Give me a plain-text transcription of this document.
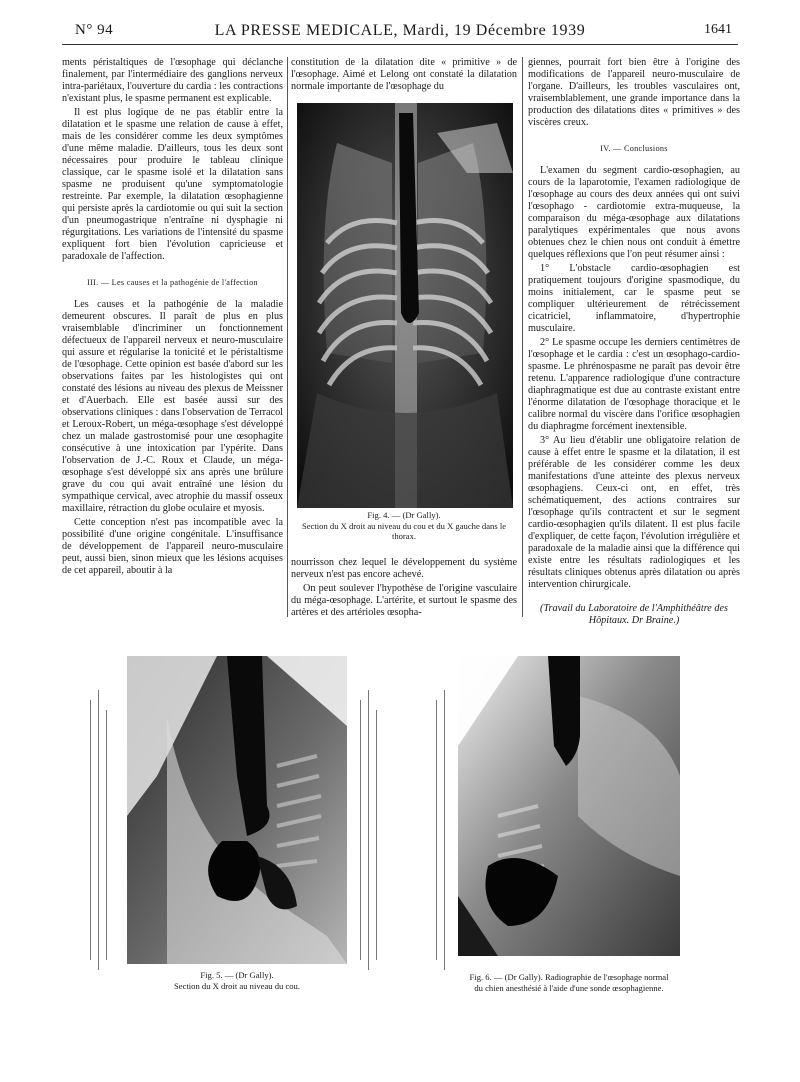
N° 94	LA PRESSE MEDICALE, Mardi, 19 Décembre 1939	1641

ments péristaltiques de l'œsophage qui déclanche finalement, par l'intermédiaire des ganglions nerveux intra-pariétaux, l'ouverture du cardia : les contractions n'existant plus, le spasme permanent est explicable.

Il est plus logique de ne pas établir entre la dilatation et le spasme une relation de cause à effet, mais de les considérer comme les deux symptômes d'une même maladie. D'ailleurs, tous les deux sont nécessaires pour produire le tableau clinique classique, car le spasme isolé et la dilatation sans spasme ne produisent qu'une symptomatologie restreinte. Par exemple, la dilatation œsophagienne qui persiste après la cardiotomie ou qui suit la section d'un pneumogastrique n'entraîne ni dysphagie ni régurgitations. Les variations de l'intensité du spasme expliquent fort bien l'évolution capricieuse et paradoxale de l'affection.

III. — Les causes et la pathogénie de l'affection

Les causes et la pathogénie de la maladie demeurent obscures. Il paraît de plus en plus vraisemblable d'incriminer un fonctionnement défectueux de l'appareil nerveux et neuro-musculaire qui assure et régularise la tonicité et le péristaltisme de l'œsophage. Cette opinion est basée d'abord sur les observations faites par les histologistes qui ont constaté des lésions au niveau des plexus de Meissner et d'Auerbach. Elle est basée aussi sur des observations cliniques : dans l'observation de Terracol et Leroux-Robert, un méga-œsophage s'est développé chez un malade gastrostomisé pour une œsophagite consécutive à une intoxication par l'ypérite. Dans l'observation de J.-C. Roux et Claude, un méga-œsophage s'est développé six ans après une brûlure grave du cou qui avait entraîné une lésion du sympathique cervical, avec atrophie du massif osseux maxillaire, rétraction du globe oculaire et myosis.

Cette conception n'est pas incompatible avec la possibilité d'une origine congénitale. L'insuffisance de développement de l'appareil neuro-musculaire peut, aussi bien, sinon mieux que les lésions acquises de cet appareil, aboutir à la

constitution de la dilatation dite « primitive » de l'œsophage. Aimé et Lelong ont constaté la dilatation normale importante de l'œsophage du

Fig. 4. — (Dr Gally).
Section du X droit au niveau du cou et du X gauche dans le thorax.

nourrisson chez lequel le développement du système nerveux n'est pas encore achevé.

On peut soulever l'hypothèse de l'origine vasculaire du méga-œsophage. L'artérite, et surtout le spasme des artères et des artérioles œsopha-

giennes, pourrait fort bien être à l'origine des modifications de l'appareil neuro-musculaire de l'organe. D'ailleurs, les troubles vasculaires ont, vraisemblablement, une grande importance dans la production des dilatations dites « primitives » des viscères creux.

IV. — Conclusions

L'examen du segment cardio-œsophagien, au cours de la laparotomie, l'examen radiologique de l'œsophage au cours des deux années qui ont suivi l'œsophago - cardiotomie extra-muqueuse, la comparaison du méga-œsophage aux dilatations paralytiques expérimentales que nous avons obtenues chez le chien nous ont conduit à émettre quelques réflexions que l'on peut résumer ainsi :

1° L'obstacle cardio-œsophagien est pratiquement toujours d'origine spasmodique, du moins initialement, car le spasme peut se compliquer ultérieurement de rétrécissement cicatriciel, inflammatoire, d'hypertrophie musculaire.

2° Le spasme occupe les derniers centimètres de l'œsophage et le cardia : c'est un œsophago-cardio-spasme. Le phrénospasme ne paraît pas devoir être retenu. L'apparence radiologique d'une contracture diaphragmatique est due au contraste existant entre l'énorme dilatation de l'œsophage thoracique et le calibre normal du viscère dans l'orifice œsophagien du diaphragme forcément inextensible.

3° Au lieu d'établir une obligatoire relation de cause à effet entre le spasme et la dilatation, il est préférable de les considérer comme les deux manifestations d'une atteinte des plexus nerveux œsophagiens. Ceux-ci ont, en effet, très schématiquement, des actions contraires sur l'œsophage qu'ils contractent et sur le segment cardio-œsophagien qu'ils dilatent. Il est plus facile d'expliquer, de cette façon, l'évolution irrégulière et paradoxale de la maladie ainsi que la différence qui existe entre les résultats radiologiques et les résultats cliniques obtenus après dilatation ou après intervention chirurgicale.

(Travail du Laboratoire de l'Amphithéâtre des Hôpitaux. Dr Braine.)

Fig. 5. — (Dr Gally).
Section du X droit au niveau du cou.
Fig. 6. — (Dr Gally). Radiographie de l'œsophage normal
du chien anesthésié à l'aide d'une sonde œsophagienne.
